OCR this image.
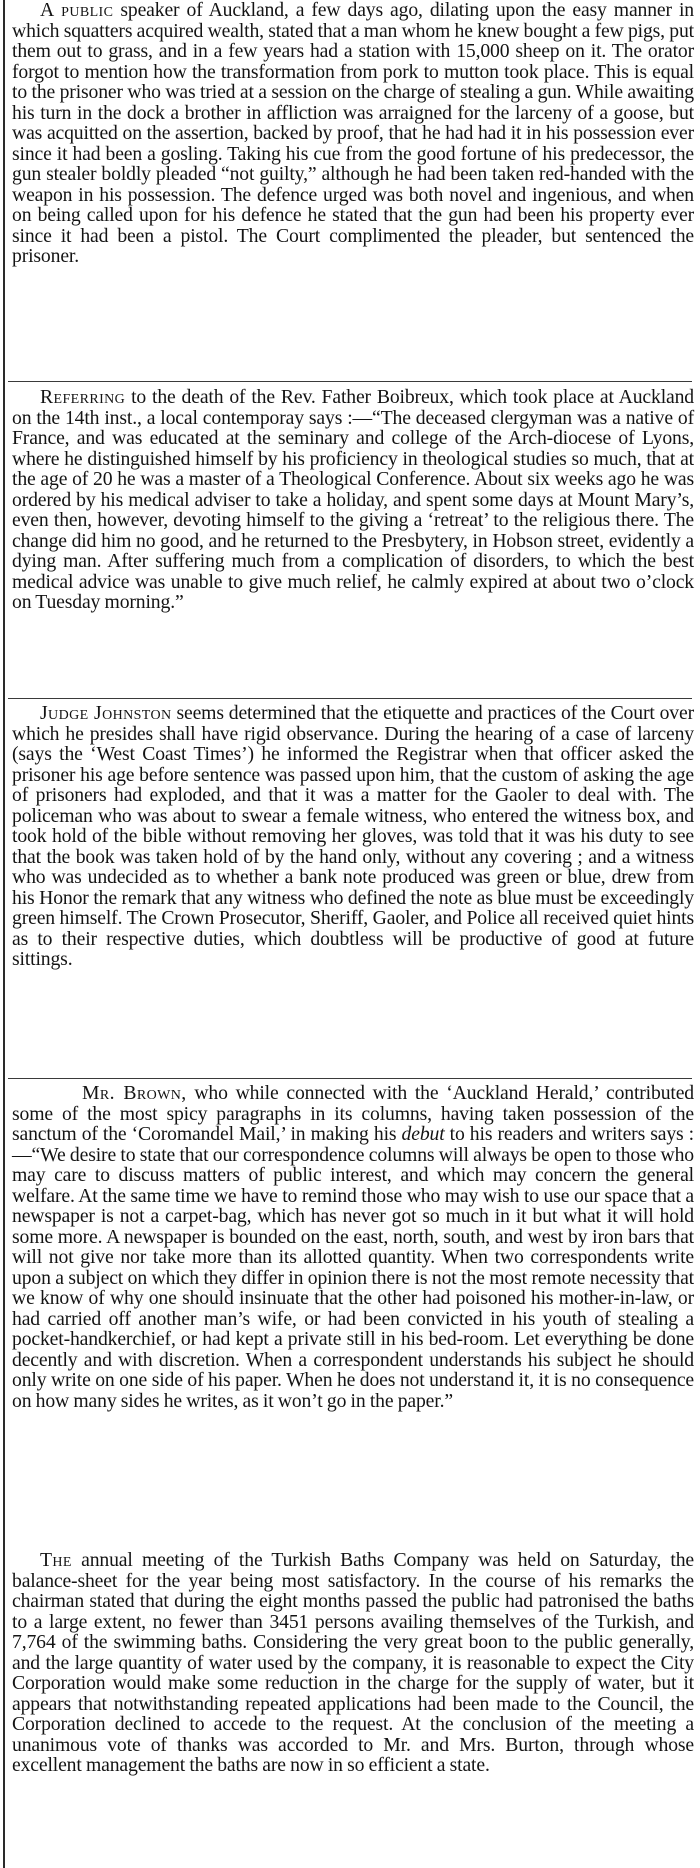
A public speaker of Auckland, a few days ago, dilating upon the easy manner in which squatters acquired wealth, stated that a man whom he knew bought a few pigs, put them out to grass, and in a few years had a station with 15,000 sheep on it. The orator forgot to mention how the transformation from pork to mutton took place. This is equal to the prisoner who was tried at a session on the charge of stealing a gun. While awaiting his turn in the dock a brother in affliction was arraigned for the larceny of a goose, but was acquitted on the assertion, backed by proof, that he had had it in his possession ever since it had been a gosling. Taking his cue from the good fortune of his predecessor, the gun stealer boldly pleaded “not guilty,” although he had been taken red-handed with the weapon in his possession. The defence urged was both novel and ingenious, and when on being called upon for his defence he stated that the gun had been his property ever since it had been a pistol. The Court complimented the pleader, but sentenced the prisoner.

Referring to the death of the Rev. Father Boibreux, which took place at Auckland on the 14th inst., a local contemporay says :—“The deceased clergyman was a native of France, and was educated at the seminary and college of the Arch-diocese of Lyons, where he distinguished himself by his proficiency in theological studies so much, that at the age of 20 he was a master of a Theological Conference. About six weeks ago he was ordered by his medical adviser to take a holiday, and spent some days at Mount Mary’s, even then, however, devoting himself to the giving a ‘retreat’ to the religious there. The change did him no good, and he returned to the Presbytery, in Hobson street, evidently a dying man. After suffering much from a complication of disorders, to which the best medical advice was unable to give much relief, he calmly expired at about two o’clock on Tuesday morning.”

Judge Johnston seems determined that the etiquette and practices of the Court over which he presides shall have rigid observance. During the hearing of a case of larceny (says the ‘West Coast Times’) he informed the Registrar when that officer asked the prisoner his age before sentence was passed upon him, that the custom of asking the age of prisoners had exploded, and that it was a matter for the Gaoler to deal with. The policeman who was about to swear a female witness, who entered the witness box, and took hold of the bible without removing her gloves, was told that it was his duty to see that the book was taken hold of by the hand only, without any covering ; and a witness who was undecided as to whether a bank note produced was green or blue, drew from his Honor the remark that any witness who defined the note as blue must be exceedingly green himself. The Crown Prosecutor, Sheriff, Gaoler, and Police all received quiet hints as to their respective duties, which doubtless will be productive of good at future sittings.

Mr. Brown, who while connected with the ‘Auckland Herald,’ contributed some of the most spicy paragraphs in its columns, having taken possession of the sanctum of the ‘Coromandel Mail,’ in making his debut to his readers and writers says :—“We desire to state that our correspondence columns will always be open to those who may care to discuss matters of public interest, and which may concern the general welfare. At the same time we have to remind those who may wish to use our space that a newspaper is not a carpet-bag, which has never got so much in it but what it will hold some more. A newspaper is bounded on the east, north, south, and west by iron bars that will not give nor take more than its allotted quantity. When two correspondents write upon a subject on which they differ in opinion there is not the most remote necessity that we know of why one should insinuate that the other had poisoned his mother-in-law, or had carried off another man’s wife, or had been convicted in his youth of stealing a pocket-handkerchief, or had kept a private still in his bed-room. Let everything be done decently and with discretion. When a correspondent understands his subject he should only write on one side of his paper. When he does not understand it, it is no consequence on how many sides he writes, as it won’t go in the paper.”

The annual meeting of the Turkish Baths Company was held on Saturday, the balance-sheet for the year being most satisfactory. In the course of his remarks the chairman stated that during the eight months passed the public had patronised the baths to a large extent, no fewer than 3451 persons availing themselves of the Turkish, and 7,764 of the swimming baths. Considering the very great boon to the public generally, and the large quantity of water used by the company, it is reasonable to expect the City Corporation would make some reduction in the charge for the supply of water, but it appears that notwithstanding repeated applications had been made to the Council, the Corporation declined to accede to the request. At the conclusion of the meeting a unanimous vote of thanks was accorded to Mr. and Mrs. Burton, through whose excellent management the baths are now in so efficient a state.
